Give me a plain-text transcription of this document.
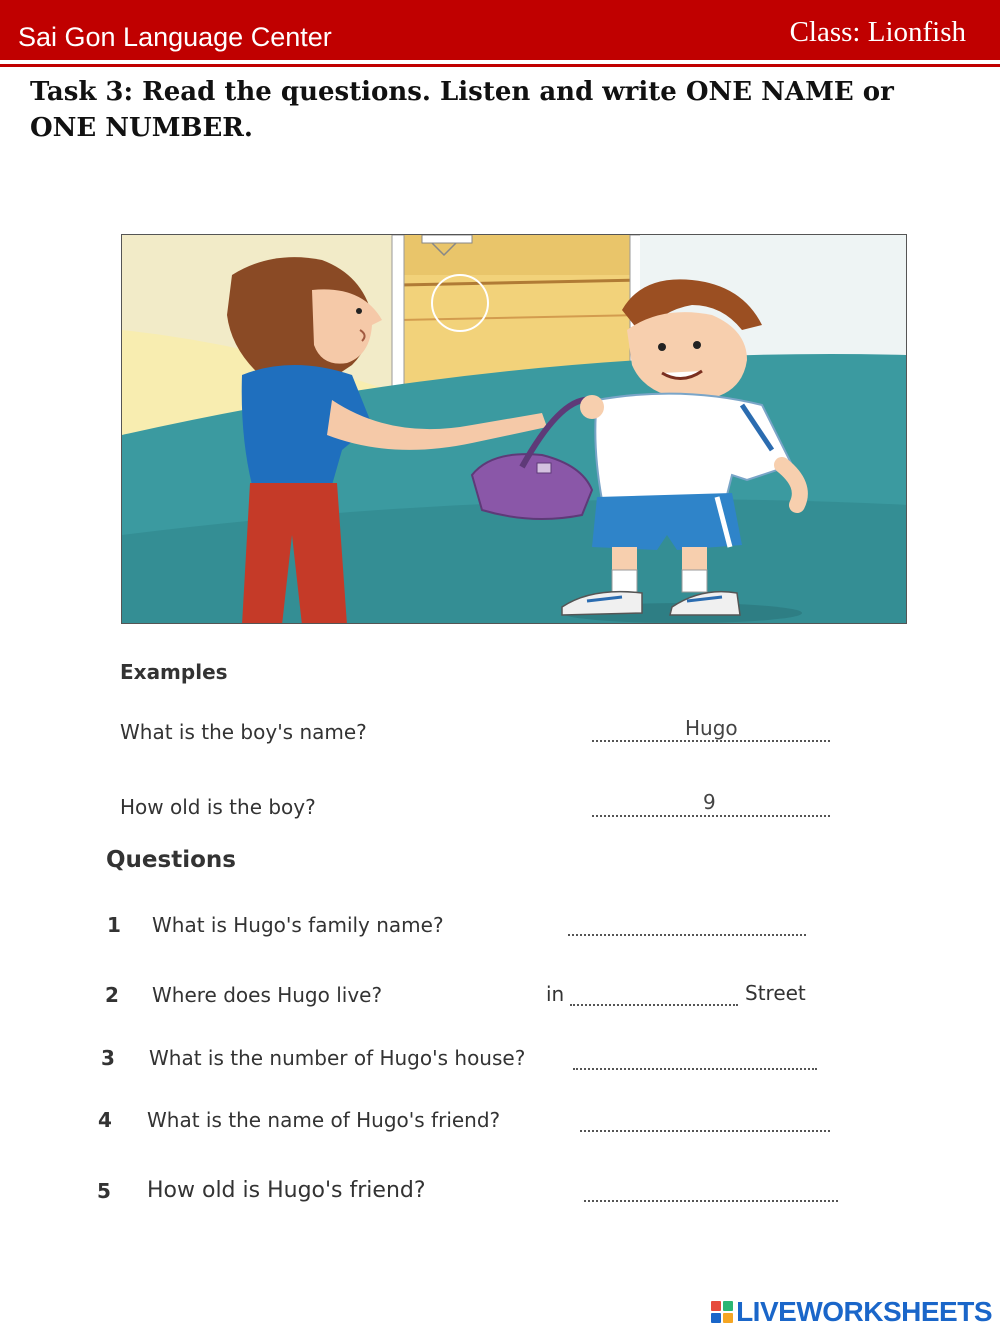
Sai Gon Language Center	Class: Lionfish
Task 3: Read the questions. Listen and write ONE NAME or
ONE NUMBER.
Examples
What is the boy's name?	Hugo
How old is the boy?	9
Questions
1 What is Hugo's family name?
2 Where does Hugo live?	in	Street
3 What is the number of Hugo's house?
4 What is the name of Hugo's friend?
5 How old is Hugo's friend?
LIVEWORKSHEETS
